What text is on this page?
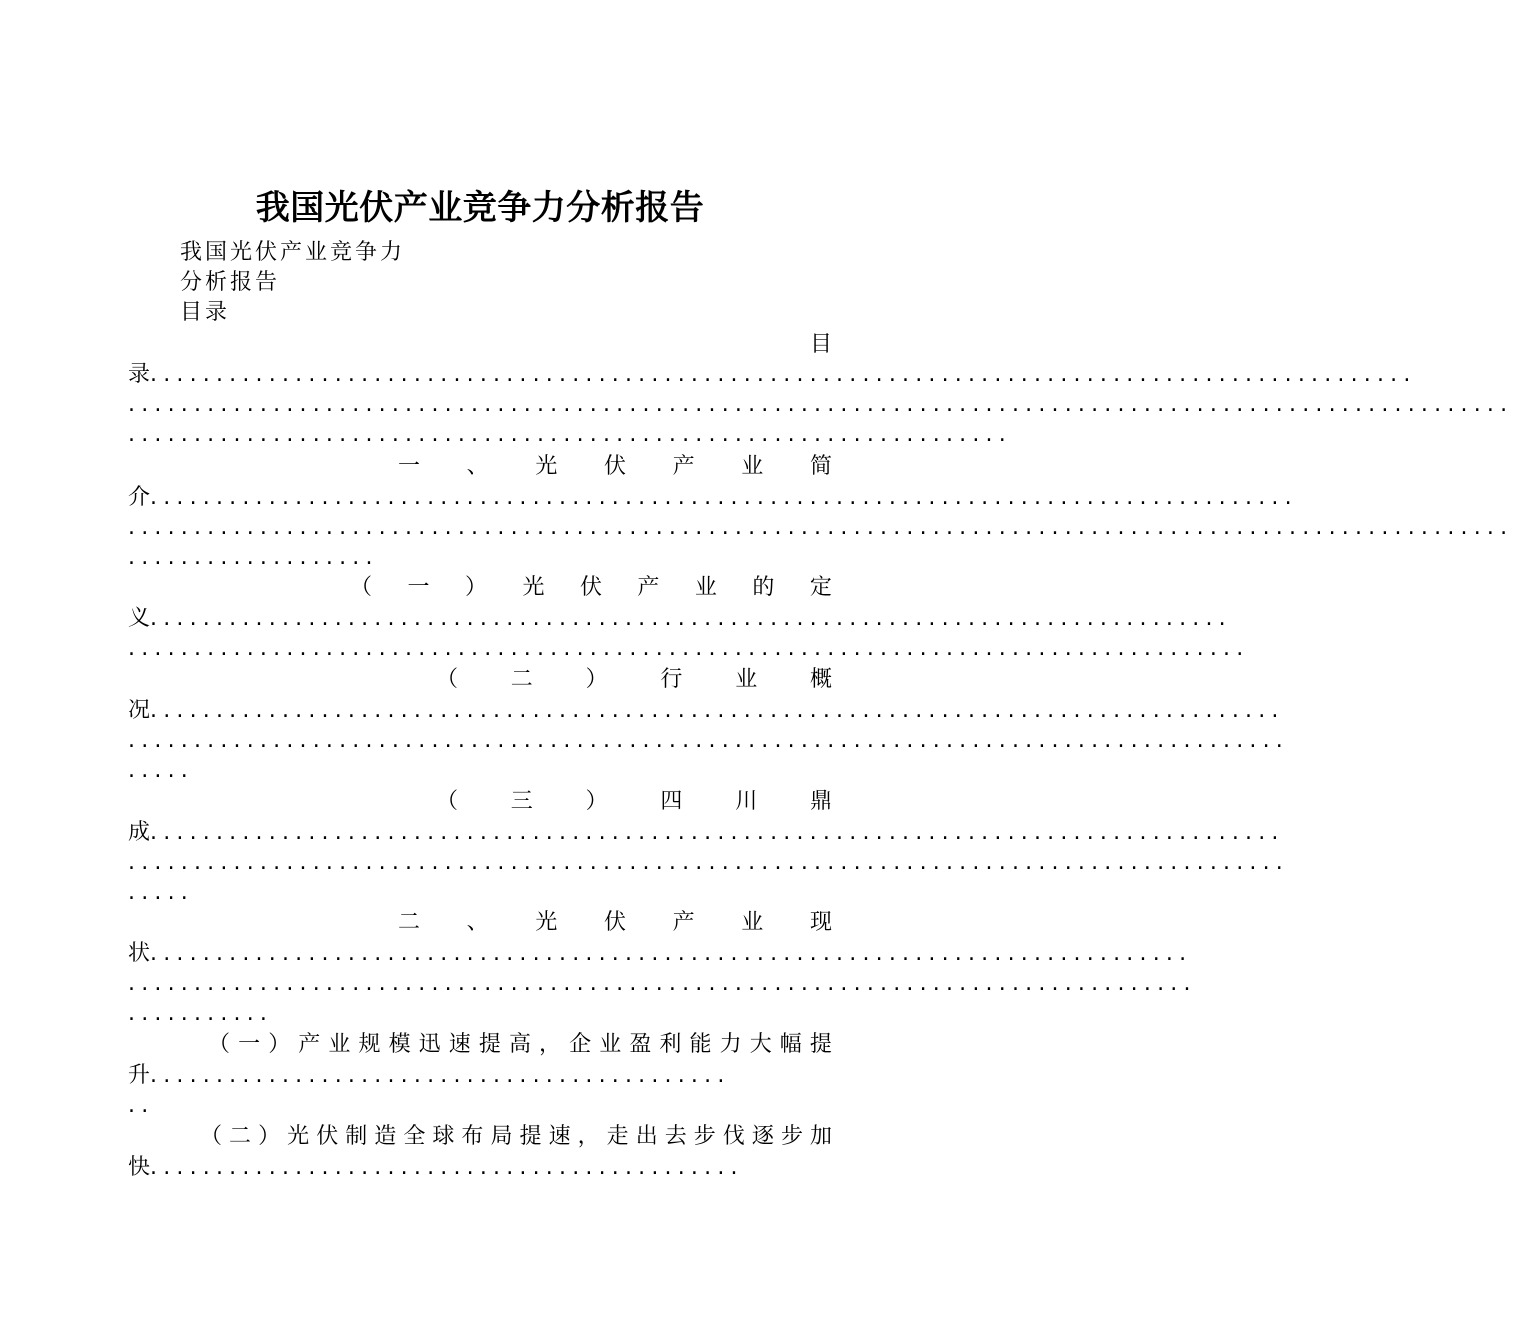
我国光伏产业竞争力分析报告
我国光伏产业竞争力
分析报告
目录
目
录................................................................................................
.........................................................................................................
...................................................................
一 、 光 伏 产 业 简
介.......................................................................................
.........................................................................................................
...................
（ 一 ） 光 伏 产 业 的 定
义..................................................................................
.....................................................................................
（ 二 ） 行 业 概
况......................................................................................
........................................................................................
.....
（ 三 ） 四 川 鼎
成......................................................................................
........................................................................................
.....
二 、 光 伏 产 业 现
状...............................................................................
.................................................................................
...........
（ 一 ） 产 业 规 模 迅 速 提 高 ， 企 业 盈 利 能 力 大 幅 提
升............................................
..
（ 二 ） 光 伏 制 造 全 球 布 局 提 速 ， 走 出 去 步 伐 逐 步 加
快.............................................
